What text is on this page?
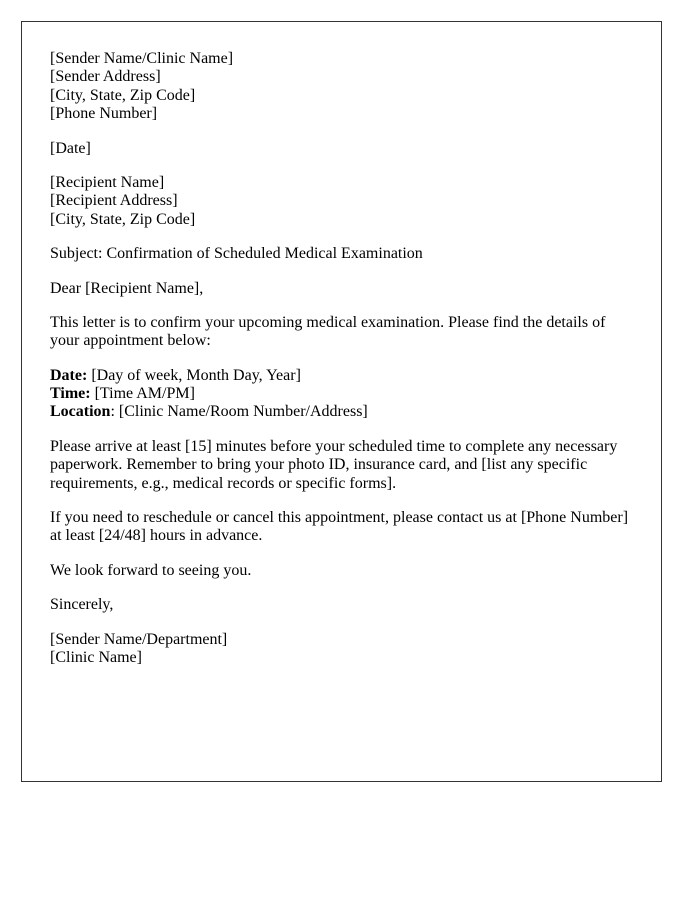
[Sender Name/Clinic Name]
[Sender Address]
[City, State, Zip Code]
[Phone Number]
[Date]
[Recipient Name]
[Recipient Address]
[City, State, Zip Code]
Subject: Confirmation of Scheduled Medical Examination
Dear [Recipient Name],
This letter is to confirm your upcoming medical examination. Please find the details of your appointment below:
Date: [Day of week, Month Day, Year]
Time: [Time AM/PM]
Location: [Clinic Name/Room Number/Address]
Please arrive at least [15] minutes before your scheduled time to complete any necessary paperwork. Remember to bring your photo ID, insurance card, and [list any specific requirements, e.g., medical records or specific forms].
If you need to reschedule or cancel this appointment, please contact us at [Phone Number] at least [24/48] hours in advance.
We look forward to seeing you.
Sincerely,
[Sender Name/Department]
[Clinic Name]
